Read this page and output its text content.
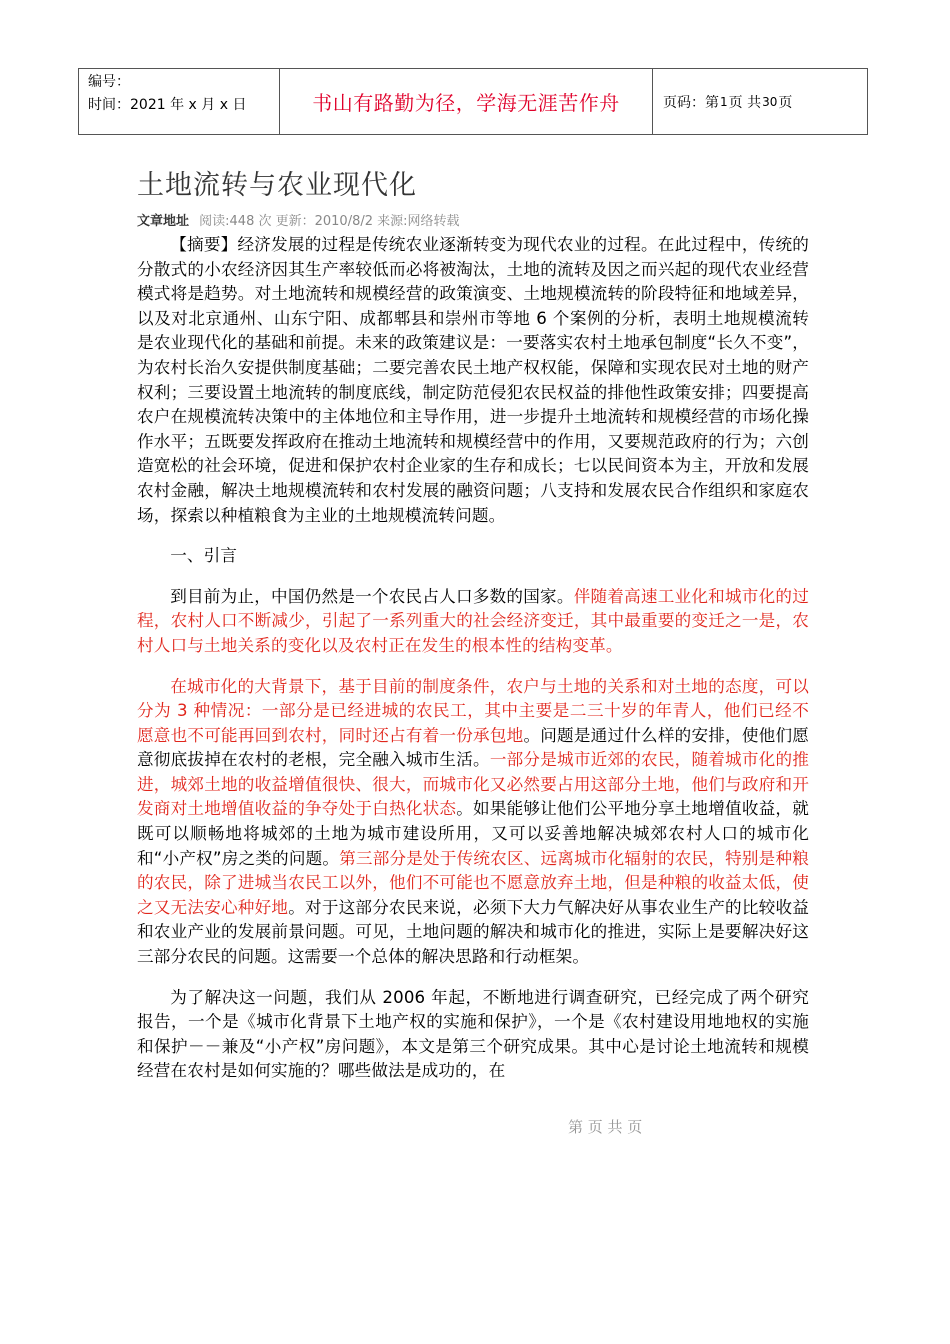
编号：
时间：2021 年 x 月 x 日	书山有路勤为径，学海无涯苦作舟	页码：第 1 页 共 30 页
土地流转与农业现代化
文章地址 阅读:448 次 更新：2010/8/2 来源:网络转载

【摘要】经济发展的过程是传统农业逐渐转变为现代农业的过程。在此过程中，传统的分散式的小农经济因其生产率较低而必将被淘汰，土地的流转及因之而兴起的现代农业经营模式将是趋势。对土地流转和规模经营的政策演变、土地规模流转的阶段特征和地域差异，以及对北京通州、山东宁阳、成都郫县和崇州市等地 6 个案例的分析，表明土地规模流转是农业现代化的基础和前提。未来的政策建议是：一要落实农村土地承包制度“长久不变”，为农村长治久安提供制度基础；二要完善农民土地产权权能，保障和实现农民对土地的财产权利；三要设置土地流转的制度底线，制定防范侵犯农民权益的排他性政策安排；四要提高农户在规模流转决策中的主体地位和主导作用，进一步提升土地流转和规模经营的市场化操作水平；五既要发挥政府在推动土地流转和规模经营中的作用，又要规范政府的行为；六创造宽松的社会环境，促进和保护农村企业家的生存和成长；七以民间资本为主，开放和发展农村金融，解决土地规模流转和农村发展的融资问题；八支持和发展农民合作组织和家庭农场，探索以种植粮食为主业的土地规模流转问题。

一、引言

到目前为止，中国仍然是一个农民占人口多数的国家。伴随着高速工业化和城市化的过程，农村人口不断减少，引起了一系列重大的社会经济变迁，其中最重要的变迁之一是，农村人口与土地关系的变化以及农村正在发生的根本性的结构变革。

在城市化的大背景下，基于目前的制度条件，农户与土地的关系和对土地的态度，可以分为 3 种情况：一部分是已经进城的农民工，其中主要是二三十岁的年青人，他们已经不愿意也不可能再回到农村，同时还占有着一份承包地。问题是通过什么样的安排，使他们愿意彻底拔掉在农村的老根，完全融入城市生活。一部分是城市近郊的农民，随着城市化的推进，城郊土地的收益增值很快、很大，而城市化又必然要占用这部分土地，他们与政府和开发商对土地增值收益的争夺处于白热化状态。如果能够让他们公平地分享土地增值收益，就既可以顺畅地将城郊的土地为城市建设所用，又可以妥善地解决城郊农村人口的城市化和“小产权”房之类的问题。第三部分是处于传统农区、远离城市化辐射的农民，特别是种粮的农民，除了进城当农民工以外，他们不可能也不愿意放弃土地，但是种粮的收益太低，使之又无法安心种好地。对于这部分农民来说，必须下大力气解决好从事农业生产的比较收益和农业产业的发展前景问题。可见，土地问题的解决和城市化的推进，实际上是要解决好这三部分农民的问题。这需要一个总体的解决思路和行动框架。

为了解决这一问题，我们从 2006 年起，不断地进行调查研究，已经完成了两个研究报告，一个是《城市化背景下土地产权的实施和保护》，一个是《农村建设用地地权的实施和保护－－兼及“小产权”房问题》，本文是第三个研究成果。其中心是讨论土地流转和规模经营在农村是如何实施的？哪些做法是成功的，在

第 页 共 页
